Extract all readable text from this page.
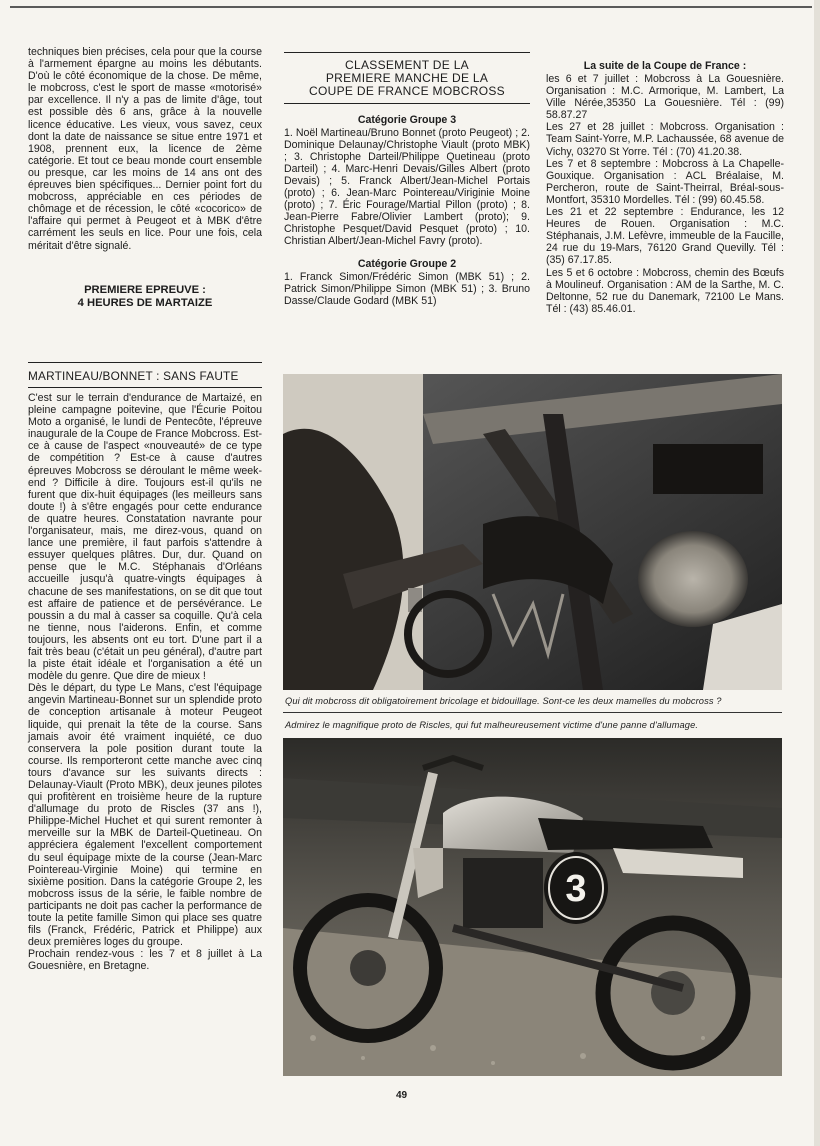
techniques bien précises, cela pour que la course à l'armement épargne au moins les débutants. D'où le côté économique de la chose. De même, le mobcross, c'est le sport de masse «motorisé» par excellence. Il n'y a pas de limite d'âge, tout est possible dès 6 ans, grâce à la nouvelle licence éducative. Les vieux, vous savez, ceux dont la date de naissance se situe entre 1971 et 1908, prennent eux, la licence de 2ème catégorie. Et tout ce beau monde court ensemble ou presque, car les moins de 14 ans ont des épreuves bien spécifiques... Dernier point fort du mobcross, appréciable en ces périodes de chômage et de récession, le côté «cocorico» de l'affaire qui permet à Peugeot et à MBK d'être carrément les seuls en lice. Pour une fois, cela méritait d'être signalé.

PREMIERE EPREUVE :
4 HEURES DE MARTAIZE
MARTINEAU/BONNET : SANS FAUTE

C'est sur le terrain d'endurance de Martaizé, en pleine campagne poitevine, que l'Écurie Poitou Moto a organisé, le lundi de Pentecôte, l'épreuve inaugurale de la Coupe de France Mobcross. Est-ce à cause de l'aspect «nouveauté» de ce type de compétition ? Est-ce à cause d'autres épreuves Mobcross se déroulant le même week-end ? Difficile à dire. Toujours est-il qu'ils ne furent que dix-huit équipages (les meilleurs sans doute !) à s'être engagés pour cette endurance de quatre heures. Constatation navrante pour l'organisateur, mais, me direz-vous, quand on lance une première, il faut parfois s'attendre à essuyer quelques plâtres. Dur, dur. Quand on pense que le M.C. Stéphanais d'Orléans accueille jusqu'à quatre-vingts équipages à chacune de ses manifestations, on se dit que tout est affaire de patience et de persévérance. Le poussin a du mal à casser sa coquille. Qu'à cela ne tienne, nous l'aiderons. Enfin, et comme toujours, les absents ont eu tort. D'une part il a fait très beau (c'était un peu général), d'autre part la piste était idéale et l'organisation a été un modèle du genre. Que dire de mieux !

Dès le départ, du type Le Mans, c'est l'équipage angevin Martineau-Bonnet sur un splendide proto de conception artisanale à moteur Peugeot liquide, qui prenait la tête de la course. Sans jamais avoir été vraiment inquiété, ce duo conservera la pole position durant toute la course. Ils remporteront cette manche avec cinq tours d'avance sur les suivants directs : Delaunay-Viault (Proto MBK), deux jeunes pilotes qui profitèrent en troisième heure de la rupture d'allumage du proto de Riscles (37 ans !), Philippe-Michel Huchet et qui surent remonter à merveille sur la MBK de Darteil-Quetineau. On appréciera également l'excellent comportement du seul équipage mixte de la course (Jean-Marc Pointereau-Virginie Moine) qui termine en sixième position. Dans la catégorie Groupe 2, les mobcross issus de la série, le faible nombre de participants ne doit pas cacher la performance de toute la petite famille Simon qui place ses quatre fils (Franck, Frédéric, Patrick et Philippe) aux deux premières loges du groupe.

Prochain rendez-vous : les 7 et 8 juillet à La Gouesnière, en Bretagne.

CLASSEMENT DE LA
PREMIERE MANCHE DE LA
COUPE DE FRANCE MOBCROSS
Catégorie Groupe 3

1. Noël Martineau/Bruno Bonnet (proto Peugeot) ; 2. Dominique Delaunay/Christophe Viault (proto MBK) ; 3. Christophe Darteil/Philippe Quetineau (proto Darteil) ; 4. Marc-Henri Devais/Gilles Albert (proto Devais) ; 5. Franck Albert/Jean-Michel Portais (proto) ; 6. Jean-Marc Pointereau/Viriginie Moine (proto) ; 7. Éric Fourage/Martial Pillon (proto) ; 8. Jean-Pierre Fabre/Olivier Lambert (proto); 9. Christophe Pesquet/David Pesquet (proto) ; 10. Christian Albert/Jean-Michel Favry (proto).

Catégorie Groupe 2

1. Franck Simon/Frédéric Simon (MBK 51) ; 2. Patrick Simon/Philippe Simon (MBK 51) ; 3. Bruno Dasse/Claude Godard (MBK 51)

La suite de la Coupe de France :

les 6 et 7 juillet : Mobcross à La Gouesnière. Organisation : M.C. Armorique, M. Lambert, La Ville Nérée,35350 La Gouesnière. Tél : (99) 58.87.27
Les 27 et 28 juillet : Mobcross. Organisation : Team Saint-Yorre, M.P. Lachaussée, 68 avenue de Vichy, 03270 St Yorre. Tél : (70) 41.20.38.
Les 7 et 8 septembre : Mobcross à La Chapelle-Gouxique. Organisation : ACL Bréalaise, M. Percheron, route de Saint-Theirral, Bréal-sous-Montfort, 35310 Mordelles. Tél : (99) 60.45.58.
Les 21 et 22 septembre : Endurance, les 12 Heures de Rouen. Organisation : M.C. Stéphanais, J.M. Lefèvre, immeuble de la Faucille, 24 rue du 19-Mars, 76120 Grand Quevilly. Tél : (35) 67.17.85.
Les 5 et 6 octobre : Mobcross, chemin des Bœufs à Moulineuf. Organisation : AM de la Sarthe, M. C. Deltonne, 52 rue du Danemark, 72100 Le Mans. Tél : (43) 85.46.01.

Qui dit mobcross dit obligatoirement bricolage et bidouillage. Sont-ce les deux mamelles du mobcross ?
Admirez le magnifique proto de Riscles, qui fut malheureusement victime d'une panne d'allumage.
3
49
